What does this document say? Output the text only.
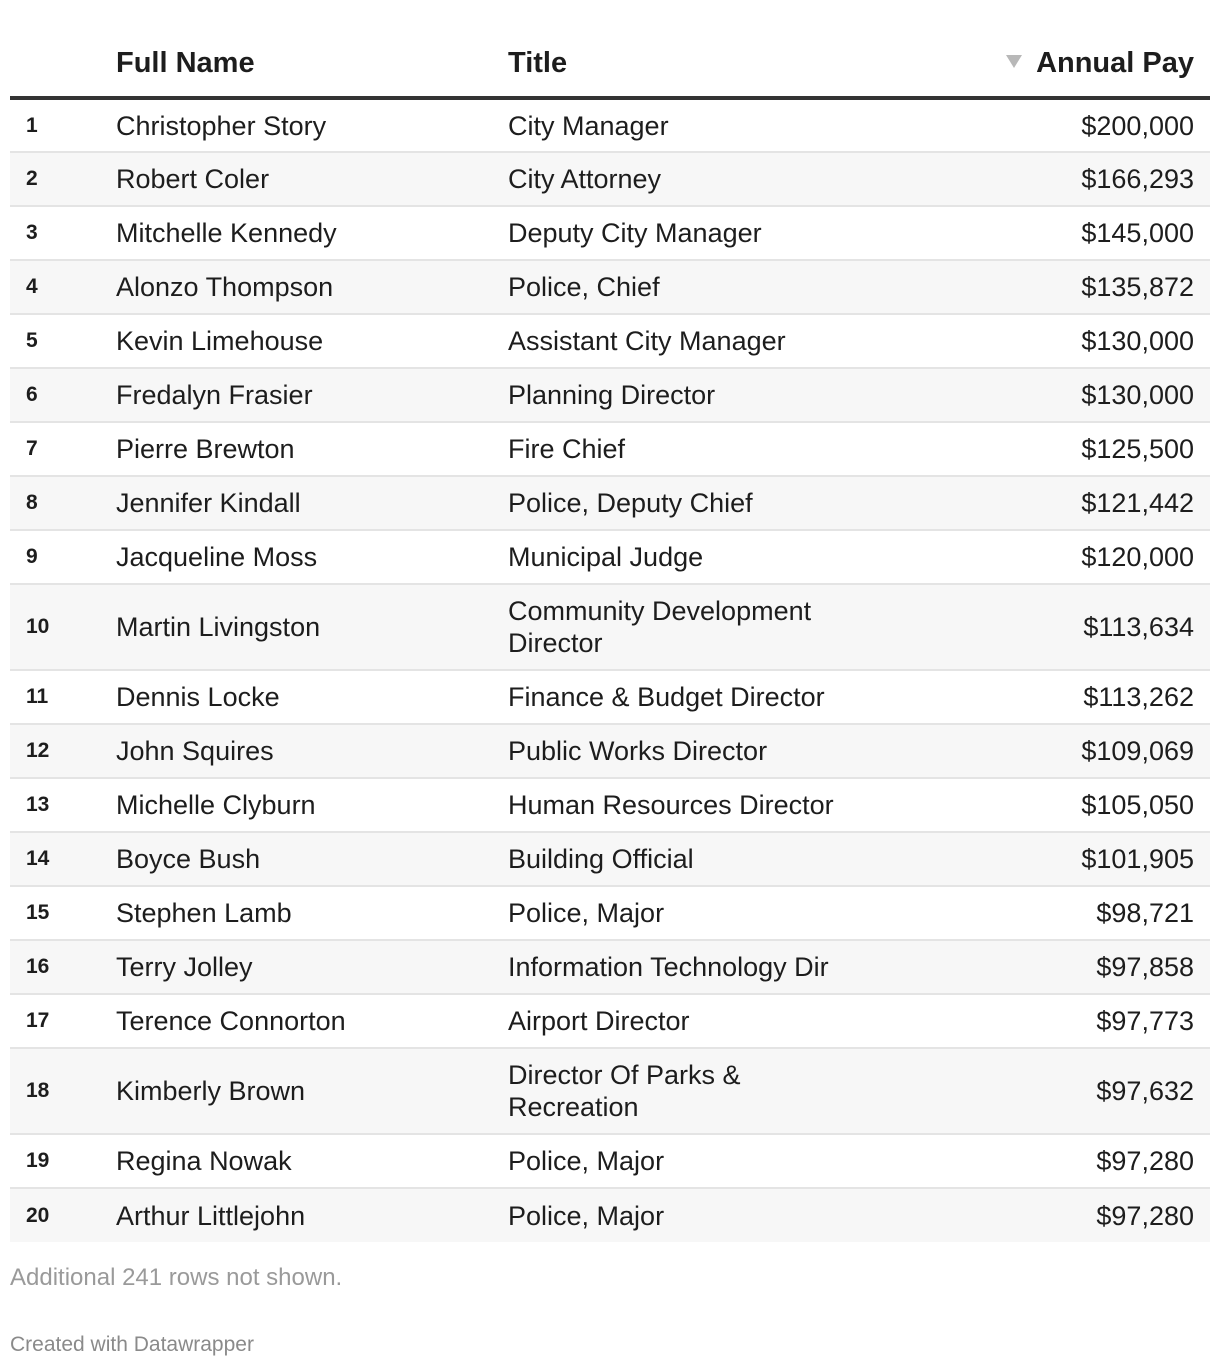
	Full Name	Title	Annual Pay
1	Christopher Story	City Manager	$200,000
2	Robert Coler	City Attorney	$166,293
3	Mitchelle Kennedy	Deputy City Manager	$145,000
4	Alonzo Thompson	Police, Chief	$135,872
5	Kevin Limehouse	Assistant City Manager	$130,000
6	Fredalyn Frasier	Planning Director	$130,000
7	Pierre Brewton	Fire Chief	$125,500
8	Jennifer Kindall	Police, Deputy Chief	$121,442
9	Jacqueline Moss	Municipal Judge	$120,000
10	Martin Livingston	Community Development Director	$113,634
11	Dennis Locke	Finance & Budget Director	$113,262
12	John Squires	Public Works Director	$109,069
13	Michelle Clyburn	Human Resources Director	$105,050
14	Boyce Bush	Building Official	$101,905
15	Stephen Lamb	Police, Major	$98,721
16	Terry Jolley	Information Technology Dir	$97,858
17	Terence Connorton	Airport Director	$97,773
18	Kimberly Brown	Director Of Parks & Recreation	$97,632
19	Regina Nowak	Police, Major	$97,280
20	Arthur Littlejohn	Police, Major	$97,280
Additional 241 rows not shown.
Created with Datawrapper
